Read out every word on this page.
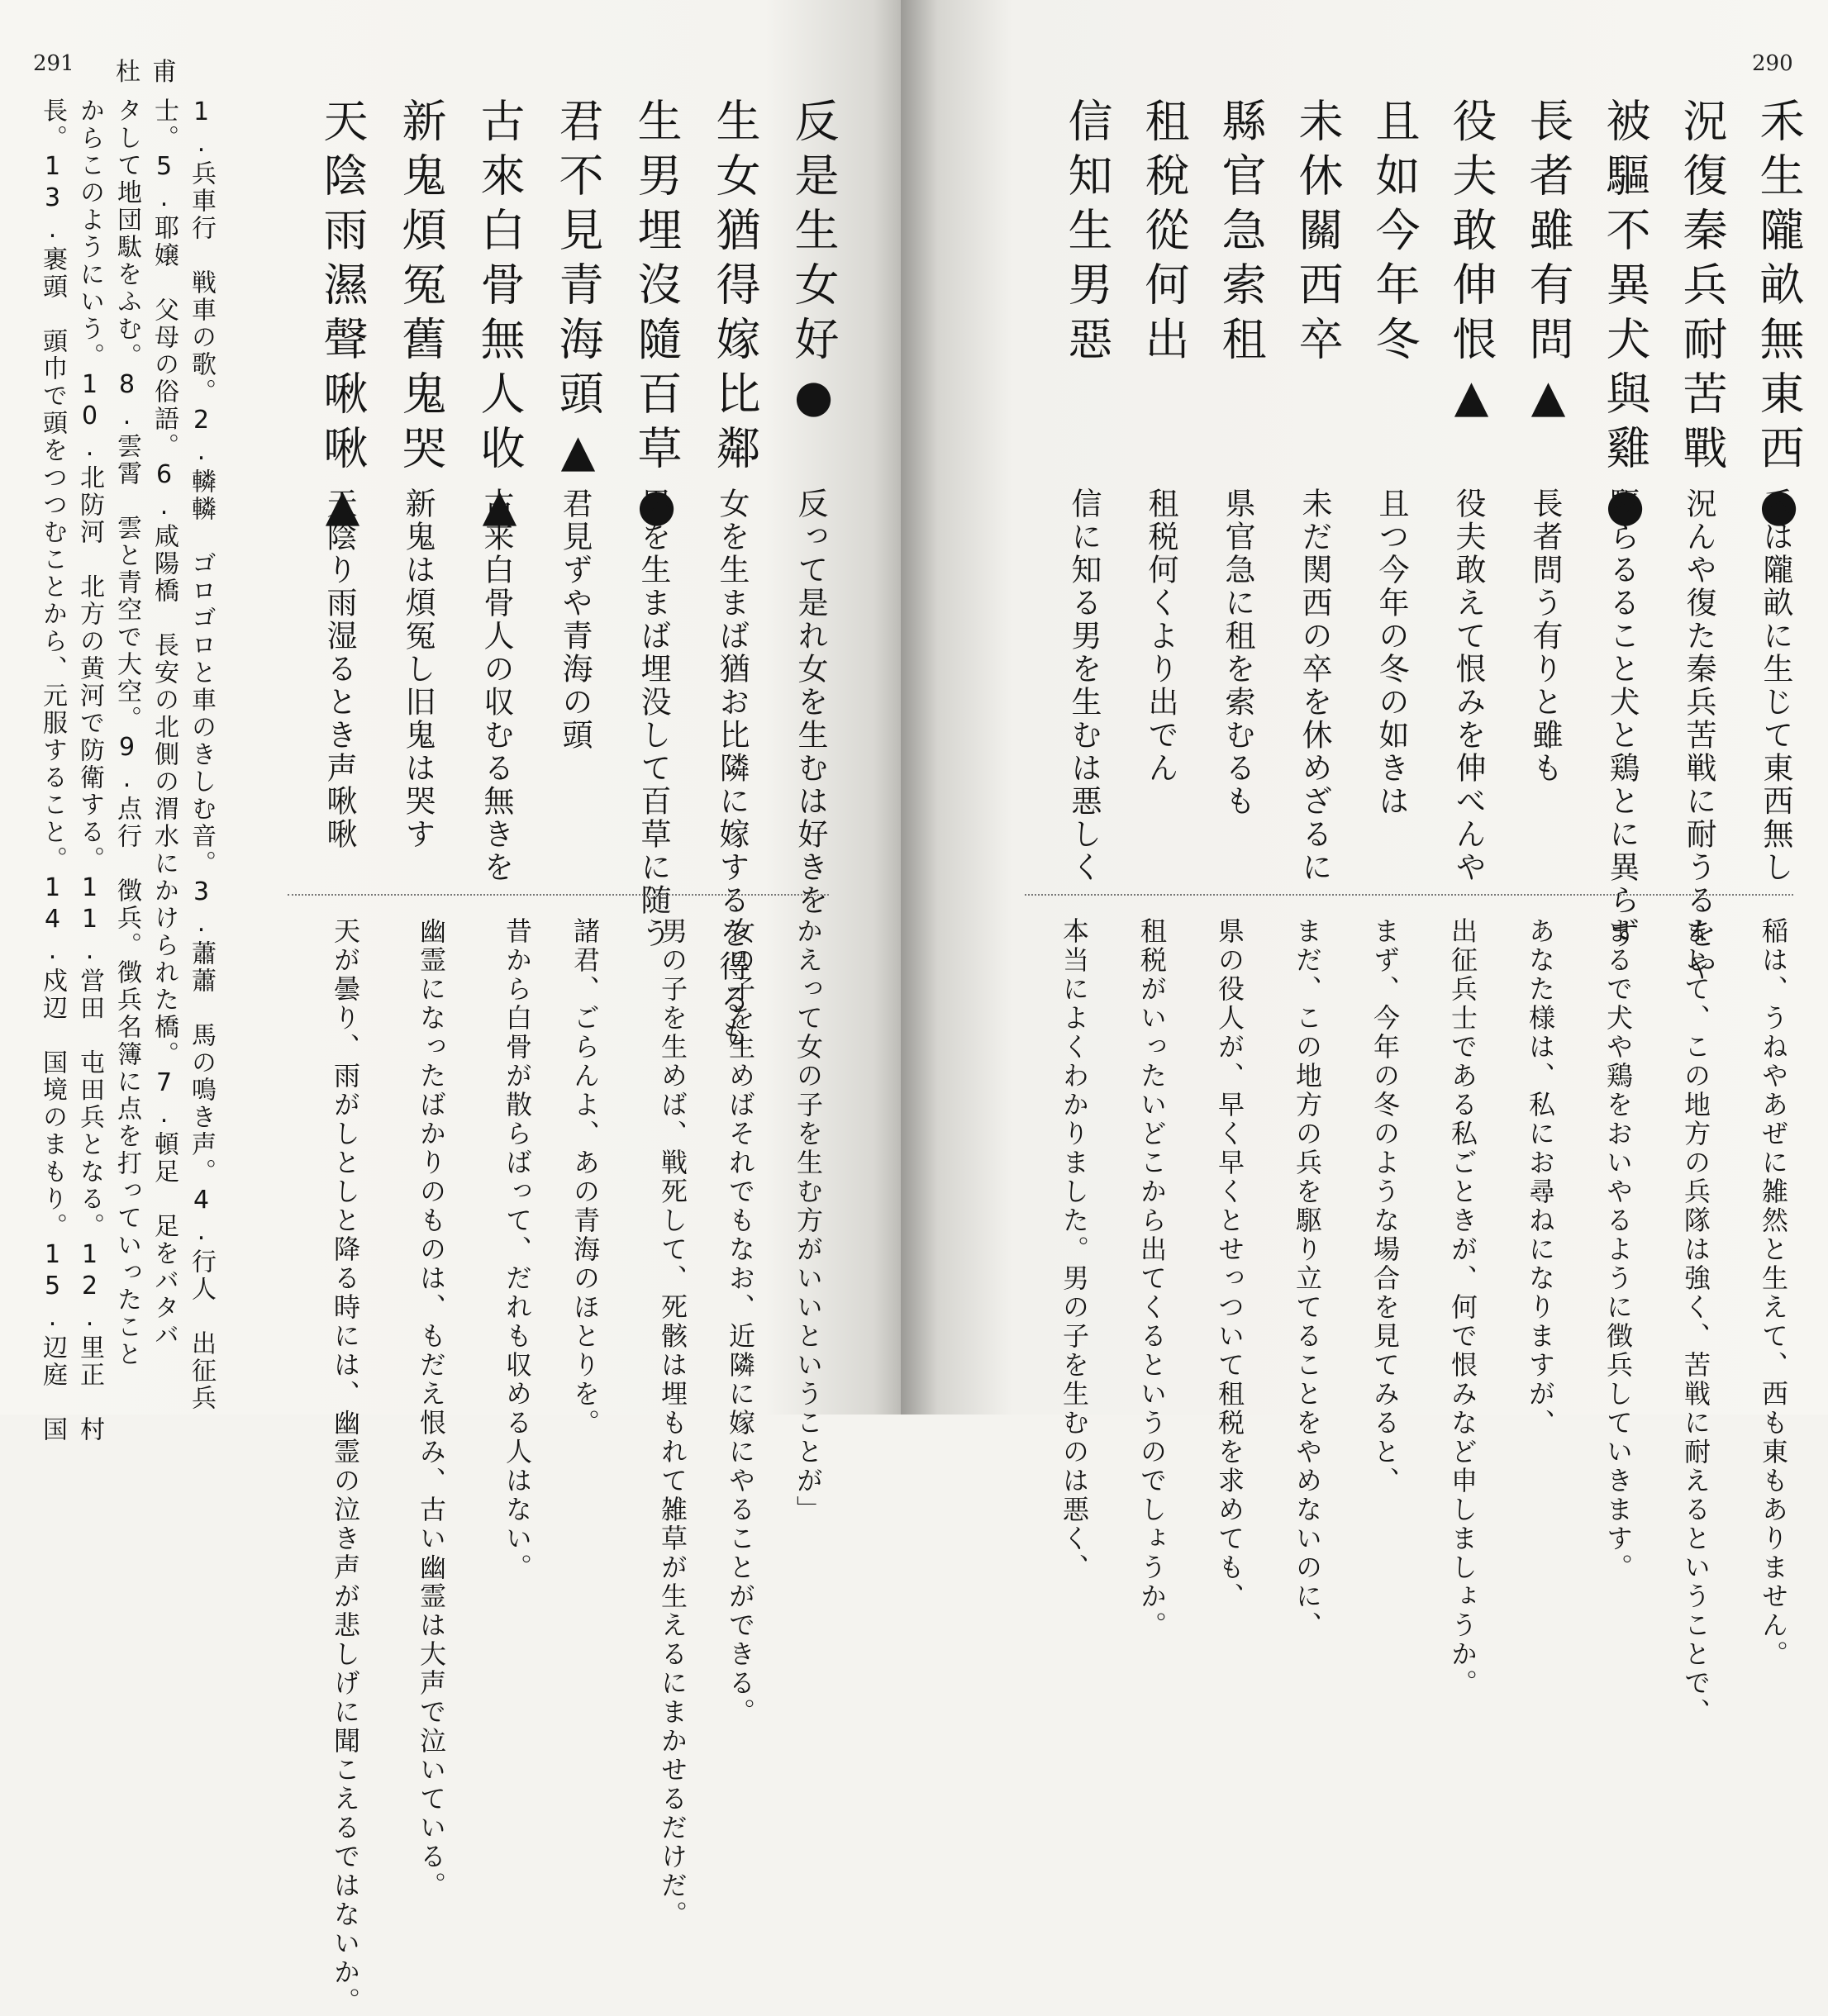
291 杜甫
1.兵車行　戦車の歌。2.轔轔　ゴロゴロと車のきしむ音。3.蕭蕭　馬の鳴き声。4.行人　出征兵
士。5.耶嬢　父母の俗語。6.咸陽橋　長安の北側の渭水にかけられた橋。7.頓足　足をバタバ
タして地団駄をふむ。8.雲霄　雲と青空で大空。9.点行　徴兵。徴兵名簿に点を打っていったこと
からこのようにいう。10.北防河　北方の黄河で防衛する。11.営田　屯田兵となる。12.里正　村
長。13.裹頭　頭巾で頭をつつむことから、元服すること。14.戍辺　国境のまもり。15.辺庭　国	反是生女好●
生女猶得嫁比鄰
生男埋沒隨百草●
君不見青海頭▲
古來白骨無人收▲
新鬼煩冤舊鬼哭
天陰雨濕聲啾啾▲
反って是れ女を生むは好きを
女を生まば猶お比隣に嫁するを得るも
男を生まば埋没して百草に随う
君見ずや青海の頭
古来白骨人の収むる無きを
新鬼は煩冤し旧鬼は哭す
天陰り雨湿るとき声啾啾
かえって女の子を生む方がいいということが」
女の子を生めばそれでもなお、近隣に嫁にやることができる。
男の子を生めば、戦死して、死骸は埋もれて雑草が生えるにまかせるだけだ。
諸君、ごらんよ、あの青海のほとりを。
昔から白骨が散らばって、だれも収める人はない。
幽霊になったばかりのものは、もだえ恨み、古い幽霊は大声で泣いている。
天が曇り、雨がしとしと降る時には、幽霊の泣き声が悲しげに聞こえるではないか。
290
禾生隴畝無東西●
況復秦兵耐苦戰
被驅不異犬與雞●
長者雖有問▲
役夫敢伸恨▲
且如今年冬
未休關西卒
縣官急索租
租稅從何出
信知生男惡
禾は隴畝に生じて東西無し
況んや復た秦兵苦戦に耐うるをや
駆らるること犬と鶏とに異らず
長者問う有りと雖も
役夫敢えて恨みを伸べんや
且つ今年の冬の如きは
未だ関西の卒を休めざるに
県官急に租を索むるも
租税何くより出でん
信に知る男を生むは悪しく
稲は、うねやあぜに雑然と生えて、西も東もありません。
まして、この地方の兵隊は強く、苦戦に耐えるということで、
まるで犬や鶏をおいやるように徴兵していきます。
あなた様は、私にお尋ねになりますが、
出征兵士である私ごときが、何で恨みなど申しましょうか。
まず、今年の冬のような場合を見てみると、
まだ、この地方の兵を駆り立てることをやめないのに、
県の役人が、早く早くとせっついて租税を求めても、
租税がいったいどこから出てくるというのでしょうか。
本当によくわかりました。男の子を生むのは悪く、
